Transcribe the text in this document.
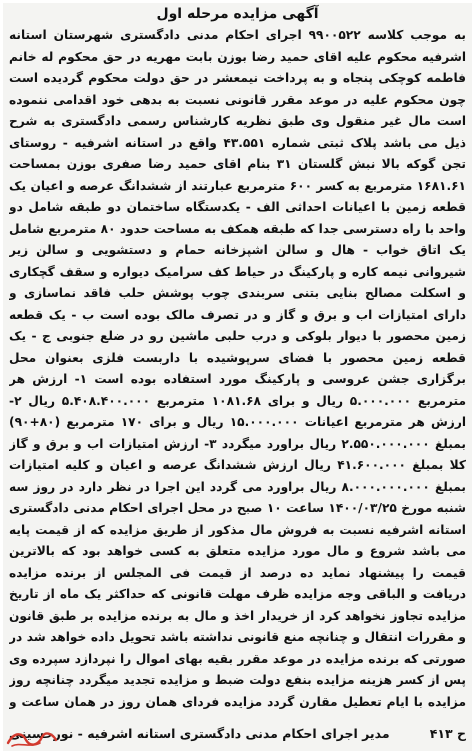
آگهی مزایده مرحله اول
به موجب کلاسه ۹۹۰۰۵۲۲ اجرای احکام مدنی دادگستری شهرستان استانه اشرفیه محکوم علیه اقای حمید رضا بوزن بابت مهریه در حق محکوم له خانم فاطمه کوچکی پنجاه و به پرداخت نیمعشر در حق دولت محکوم گردیده است چون محکوم علیه در موعد مقرر قانونی نسبت به بدهی خود اقدامی ننموده است مال غیر منقول وی طبق نظریه کارشناس رسمی دادگستری به شرح ذیل می باشد پلاک ثبتی شماره ۴۳.۵۵۱ واقع در استانه اشرفیه - روستای تجن گوکه بالا نبش گلستان ۳۱ بنام اقای حمید رضا صفری بوزن بمساحت ۱۶۸۱.۶۱ مترمربع به کسر ۶۰۰ مترمربع عبارتند از ششدانگ عرصه و اعیان یک قطعه زمین با اعیانات احداثی الف - یکدستگاه ساختمان دو طبقه شامل دو واحد با راه دسترسی جدا که طبقه همکف به مساحت حدود ۸۰ مترمربع شامل یک اتاق خواب - هال و سالن اشپزخانه حمام و دستشویی و سالن زیر شیروانی نیمه کاره و پارکینگ در حیاط کف سرامیک دیواره و سقف گچکاری و اسکلت مصالح بنایی بتنی سربندی چوب پوشش حلب فاقد نماسازی و دارای امتیازات اب و برق و گاز و در تصرف مالک بوده است ب - یک قطعه زمین محصور با دیوار بلوکی و درب حلبی ماشین رو در ضلع جنوبی ج - یک قطعه زمین محصور با فضای سرپوشیده با داربست فلزی بعنوان محل برگزاری جشن عروسی و پارکینگ مورد استفاده بوده است ۱- ارزش هر مترمربع ۵.۰۰۰.۰۰۰ ریال و برای ۱۰۸۱.۶۸ مترمربع ۵.۴۰۸.۴۰۰.۰۰۰ ریال ۲- ارزش هر مترمربع اعیانات ۱۵.۰۰۰.۰۰۰ ریال و برای ۱۷۰ مترمربع (۸۰+۹۰) بمبلغ ۲.۵۵۰.۰۰۰.۰۰۰ ریال براورد میگردد ۳- ارزش امتیازات اب و برق و گاز کلا بمبلغ ۴۱.۶۰۰.۰۰۰ ریال ارزش ششدانگ عرصه و اعیان و کلیه امتیازات بمبلغ ۸.۰۰۰.۰۰۰.۰۰۰ ریال براورد می گردد این اجرا در نظر دارد در روز سه شنبه مورخ ۱۴۰۰/۰۳/۲۵ ساعت ۱۰ صبح در محل اجرای احکام مدنی دادگستری استانه اشرفیه نسبت به فروش مال مذکور از طریق مزایده که از قیمت پایه می باشد شروع و مال مورد مزایده متعلق به کسی خواهد بود که بالاترین قیمت را پیشنهاد نماید ده درصد از قیمت فی المجلس از برنده مزایده دریافت و الباقی وجه مزایده ظرف مهلت قانونی که حداکثر یک ماه از تاریخ مزایده تجاوز نخواهد کرد از خریدار اخذ و مال به برنده مزایده بر طبق قانون و مقررات انتقال و چنانچه منع قانونی نداشته باشد تحویل داده خواهد شد در صورتی که برنده مزایده در موعد مقرر بقیه بهای اموال را نپردازد سپرده وی پس از کسر هزینه مزایده بنفع دولت ضبط و مزایده تجدید میگردد چنانچه روز مزایده با ایام تعطیل مقارن گردد مزایده فردای همان روز در همان ساعت و
ح ۴۱۳
مدیر اجرای احکام مدنی دادگستری استانه اشرفیه - نورحسینی
